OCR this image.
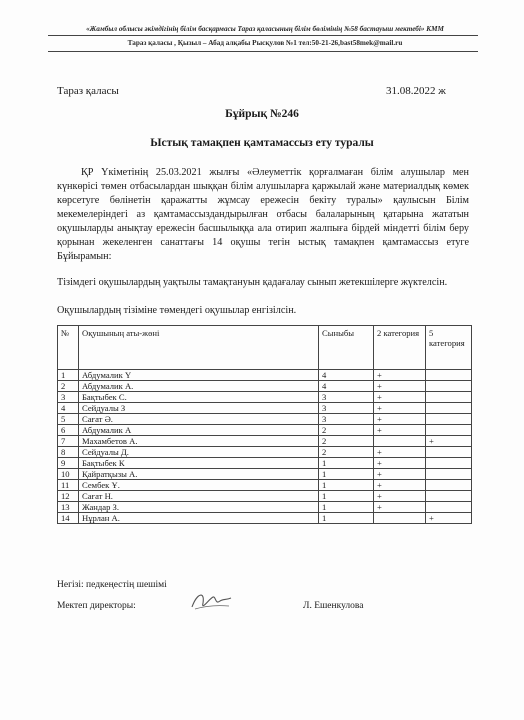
«Жамбыл облысы әкімдігінің білім басқармасы Тараз қаласының білім бөлімінің №58 бастауыш мектебі» КММ
Тараз қаласы , Қызыл – Абад алқабы Рысқулов №1 тел:50-21-26,bast58mek@mail.ru
Тараз қаласы	31.08.2022 ж
Бұйрық №246
Ыстық тамақпен қамтамассыз ету туралы
ҚР Үкіметінің 25.03.2021 жылғы «Әлеуметтік қорғалмаған білім алушылар мен күнкөрісі төмен отбасылардан шыққан білім алушыларға қаржылай және материалдық көмек көрсетуге бөлінетін қаражатты жұмсау ережесін бекіту туралы» қаулысын Білім мекемелеріндегі аз қамтамассыздандырылған отбасы балаларының қатарына жататын оқушыларды анықтау ережесін басшылыққа ала отирип жалпыға бірдей міндетті білім беру қорынан жекеленген санаттағы 14 оқушы тегін ыстық тамақпен қамтамассыз етуге Бұйырамын:
Тізімдегі оқушылардың уақтылы тамақтануын қадағалау сынып жетекшілерге жүктелсін.
Оқушылардың тізіміне төмендегі оқушылар енгізілсін.
№	Оқушының аты-жөні	Сыныбы	2 категория	5 категория
1	Абдумалик Ү	4	+	
2	Абдумалик А.	4	+	
3	Бақтыбек С.	3	+	
4	Сейдуалы З	3	+	
5	Сағат Ә.	3	+	
6	Абдумалик А	2	+	
7	Махамбетов А.	2		+
8	Сейдуалы Д.	2	+	
9	Бақтыбек К	1	+	
10	Қайратқызы А.	1	+	
11	Сембек Ұ.	1	+	
12	Сағат Н.	1	+	
13	Жандар З.	1	+	
14	Нұрлан А.	1		+
Негізі: педкеңестің шешімі
Мектеп директоры:	Л. Ешенкулова
